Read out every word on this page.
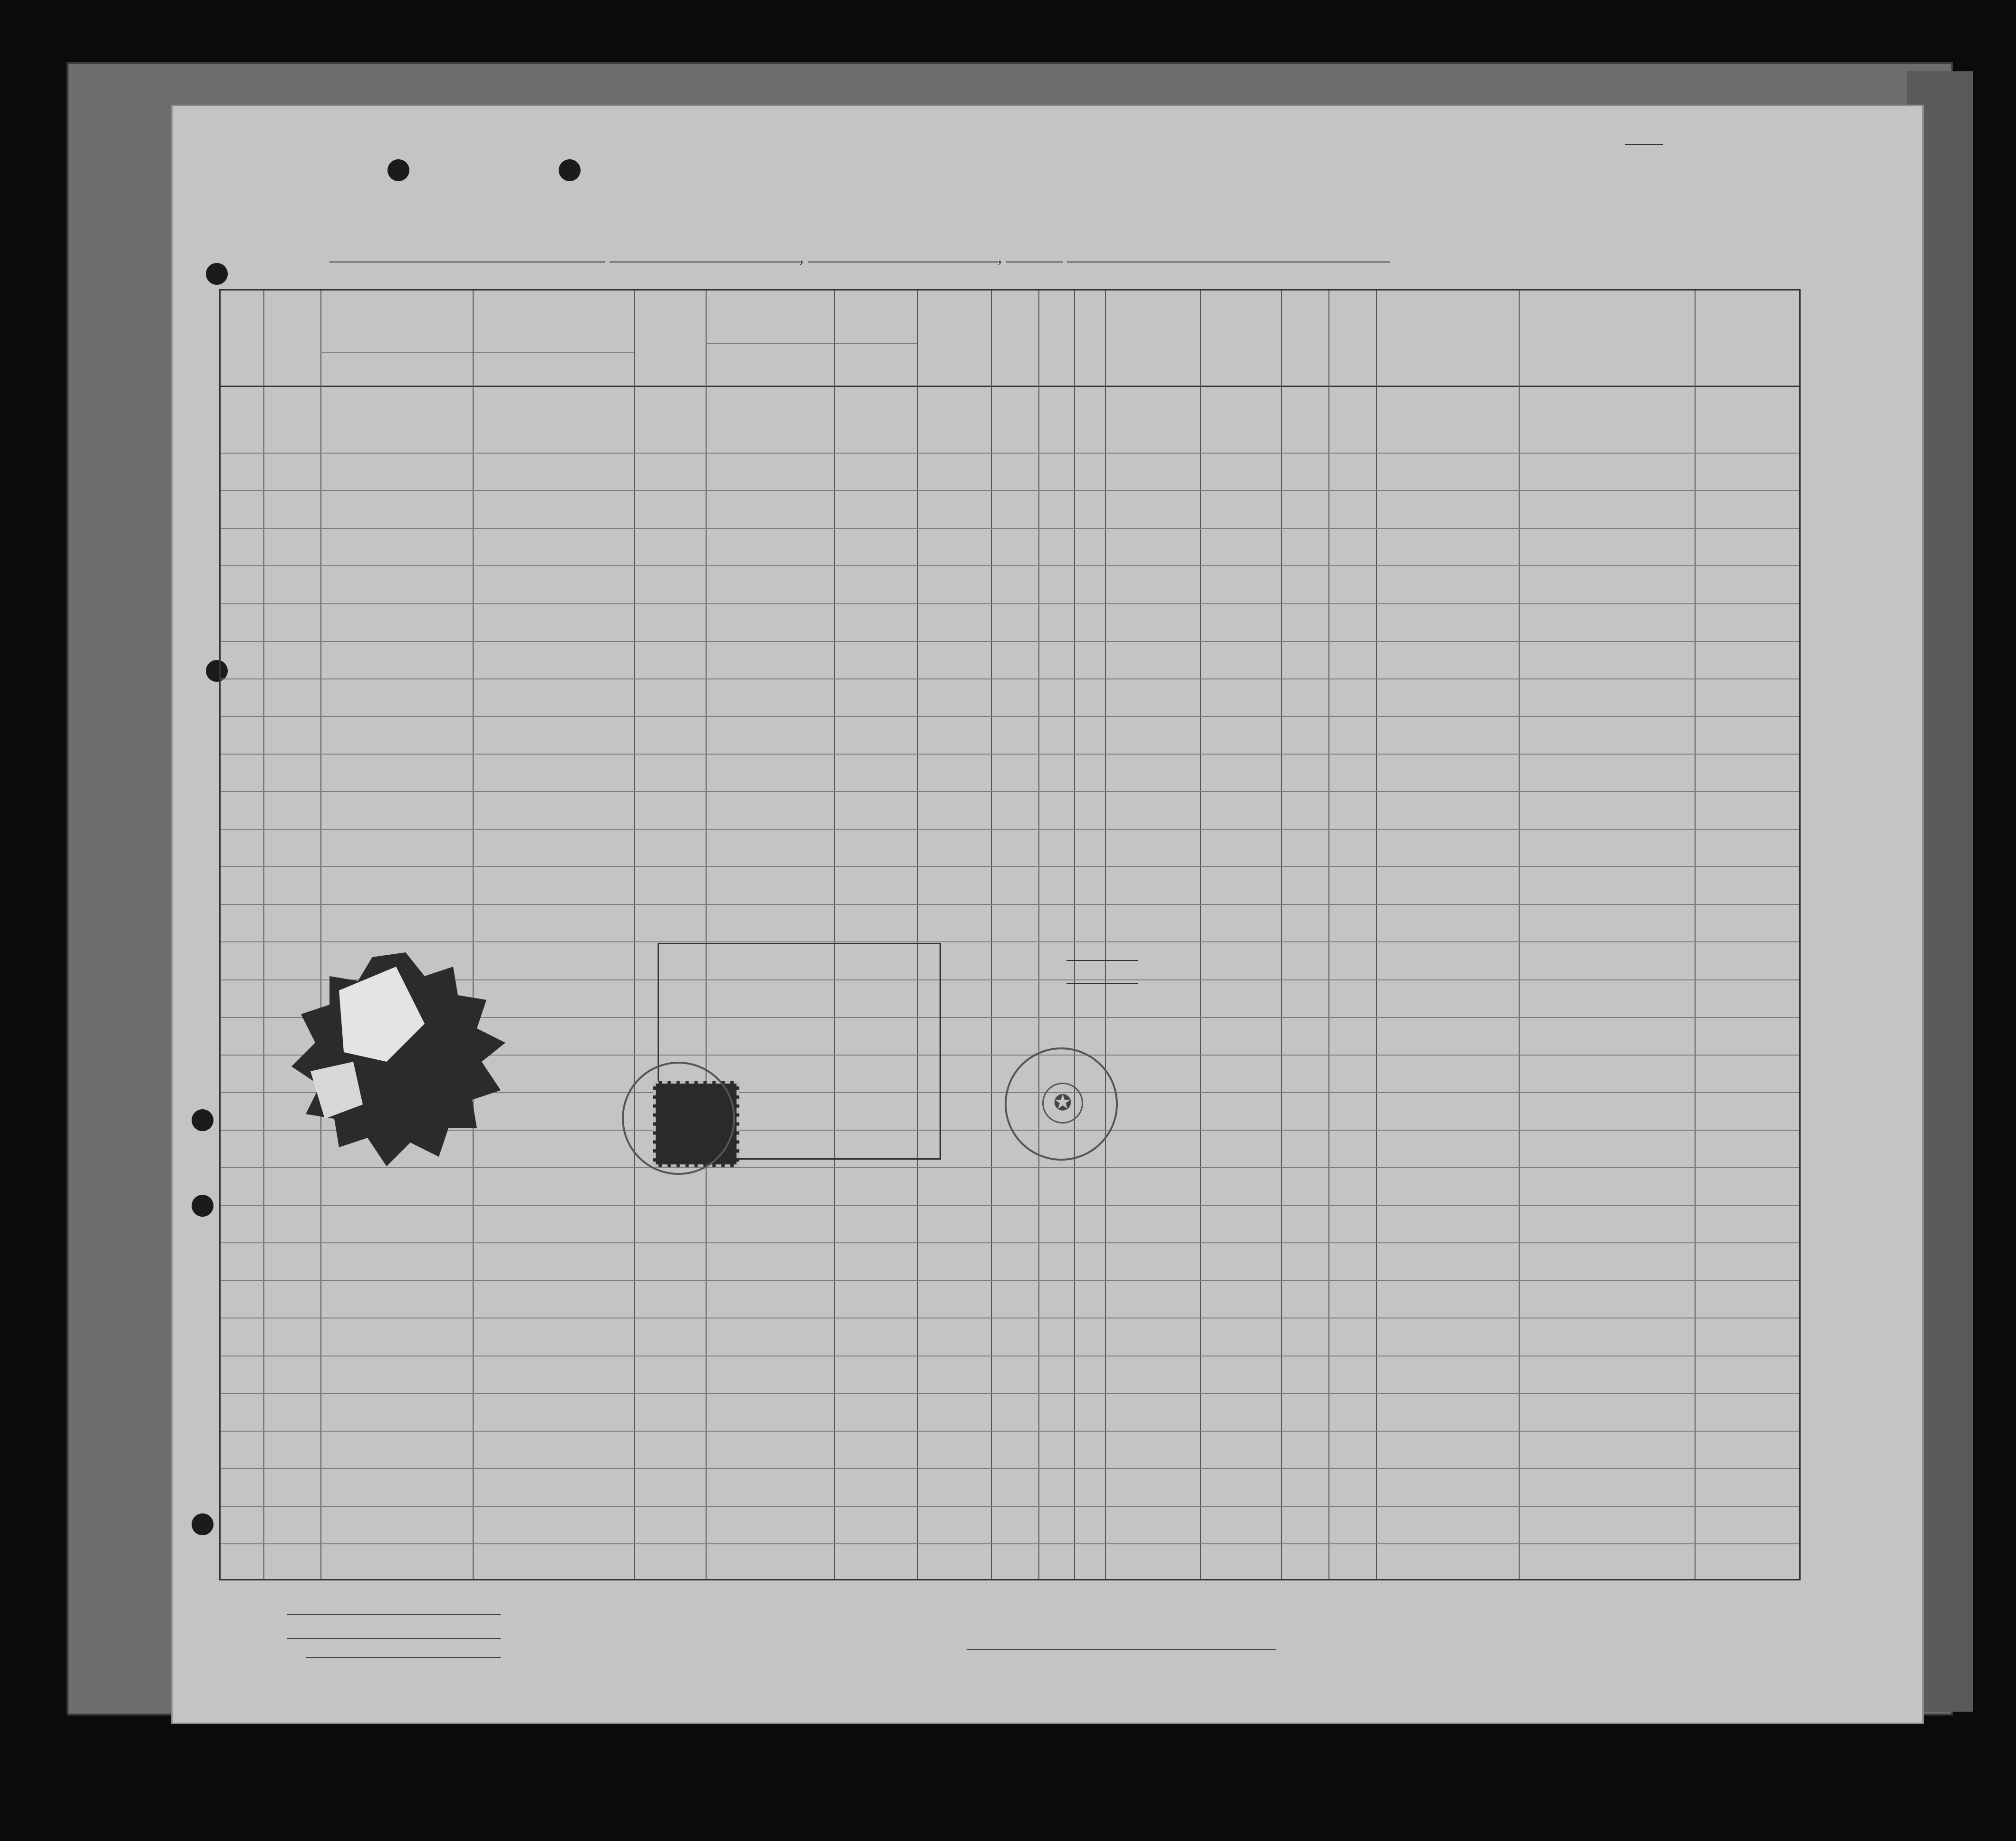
,	,

✪
